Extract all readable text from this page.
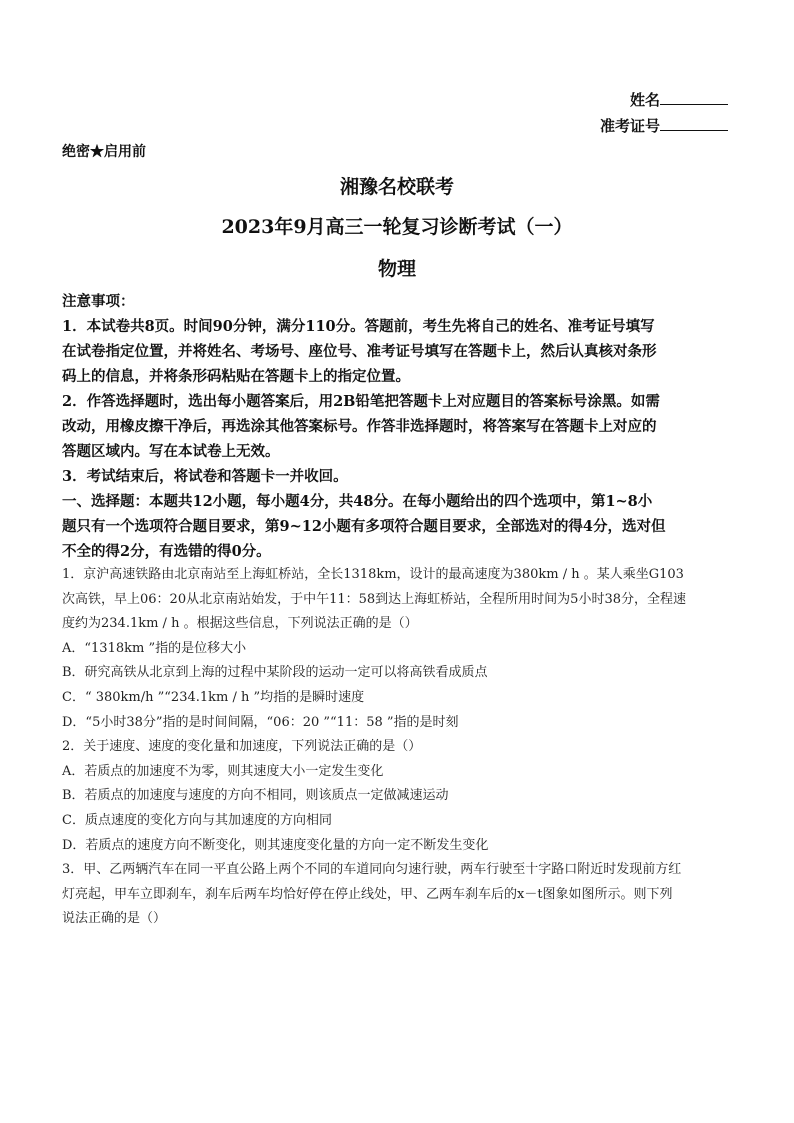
姓名
准考证号
绝密★启用前
湘豫名校联考
2023年9月高三一轮复习诊断考试（一）
物理

注意事项：

1．本试卷共8页。时间90分钟，满分110分。答题前，考生先将自己的姓名、准考证号填写

在试卷指定位置，并将姓名、考场号、座位号、准考证号填写在答题卡上，然后认真核对条形

码上的信息，并将条形码粘贴在答题卡上的指定位置。

2．作答选择题时，选出每小题答案后，用2B铅笔把答题卡上对应题目的答案标号涂黑。如需

改动，用橡皮擦干净后，再选涂其他答案标号。作答非选择题时，将答案写在答题卡上对应的

答题区域内。写在本试卷上无效。

3．考试结束后，将试卷和答题卡一并收回。

一、选择题：本题共12小题，每小题4分，共48分。在每小题给出的四个选项中，第1~8小

题只有一个选项符合题目要求，第9~12小题有多项符合题目要求，全部选对的得4分，选对但

不全的得2分，有选错的得0分。

1．京沪高速铁路由北京南站至上海虹桥站，全长1318km，设计的最高速度为380km / h 。某人乘坐G103

次高铁，早上06：20从北京南站始发，于中午11：58到达上海虹桥站，全程所用时间为5小时38分，全程速

度约为234.1km / h 。根据这些信息，下列说法正确的是（）

A．“1318km ”指的是位移大小

B．研究高铁从北京到上海的过程中某阶段的运动一定可以将高铁看成质点

C．“ 380km/h ”“234.1km / h ”均指的是瞬时速度

D．“5小时38分”指的是时间间隔，“06：20 ”“11：58 ”指的是时刻

2．关于速度、速度的变化量和加速度，下列说法正确的是（）

A．若质点的加速度不为零，则其速度大小一定发生变化

B．若质点的加速度与速度的方向不相同，则该质点一定做减速运动

C．质点速度的变化方向与其加速度的方向相同

D．若质点的速度方向不断变化，则其速度变化量的方向一定不断发生变化

3．甲、乙两辆汽车在同一平直公路上两个不同的车道同向匀速行驶，两车行驶至十字路口附近时发现前方红

灯亮起，甲车立即刹车，刹车后两车均恰好停在停止线处，甲、乙两车刹车后的x－t图象如图所示。则下列

说法正确的是（）
